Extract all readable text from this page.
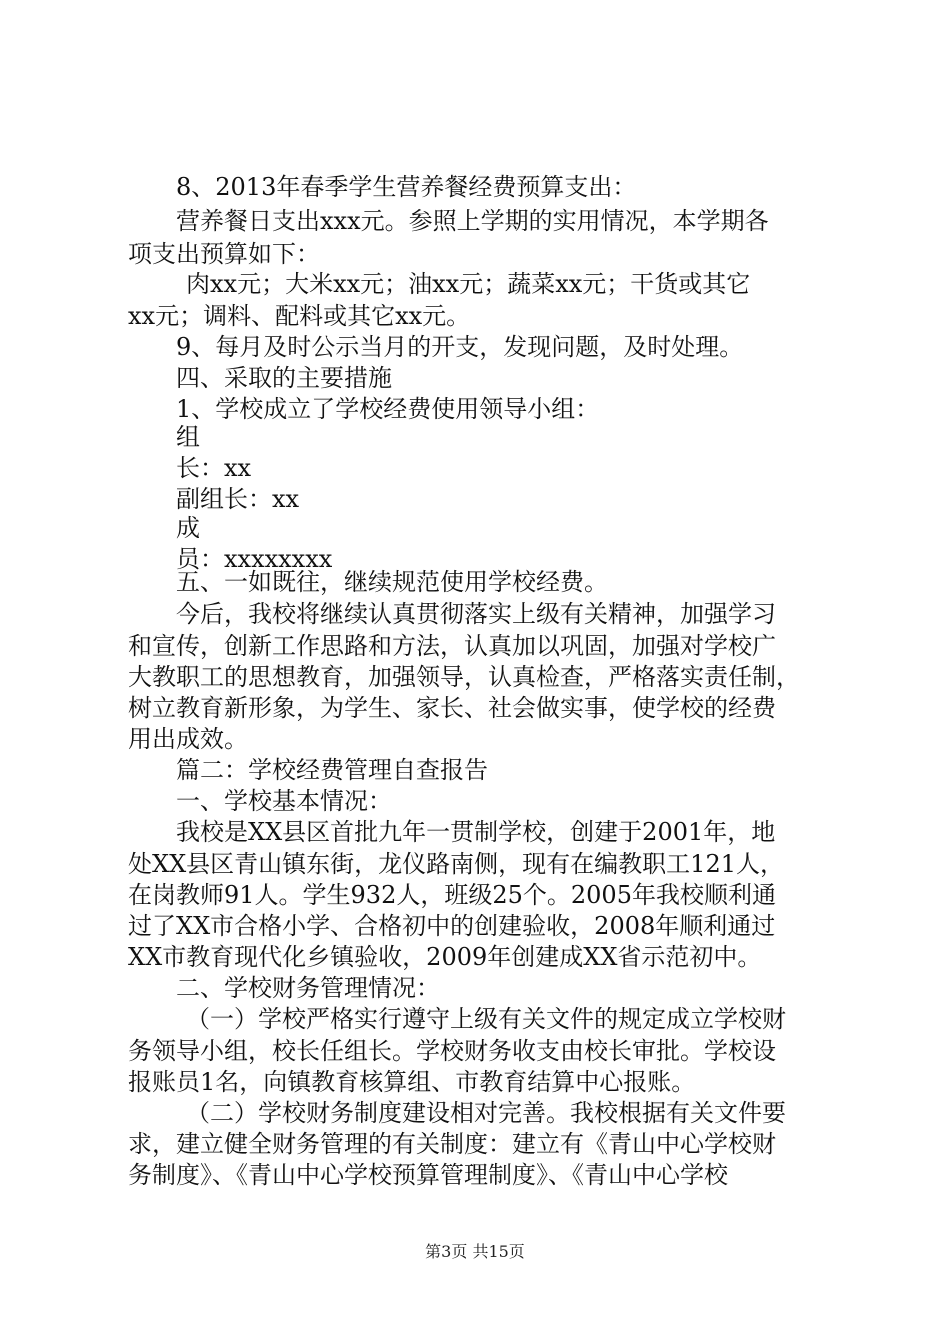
8、2013年春季学生营养餐经费预算支出：
营养餐日支出xxx元。参照上学期的实用情况，本学期各
项支出预算如下：
肉xx元；大米xx元；油xx元；蔬菜xx元；干货或其它
xx元；调料、配料或其它xx元。
9、每月及时公示当月的开支，发现问题，及时处理。
四、采取的主要措施
1、学校成立了学校经费使用领导小组：
组
长：xx
副组长：xx
成
员：xxxxxxxx
五、一如既往，继续规范使用学校经费。
今后，我校将继续认真贯彻落实上级有关精神，加强学习
和宣传，创新工作思路和方法，认真加以巩固，加强对学校广
大教职工的思想教育，加强领导，认真检查，严格落实责任制，
树立教育新形象，为学生、家长、社会做实事，使学校的经费
用出成效。
篇二：学校经费管理自查报告
一、学校基本情况：
我校是XX县区首批九年一贯制学校，创建于2001年，地
处XX县区青山镇东街，龙仪路南侧，现有在编教职工121人，
在岗教师91人。学生932人，班级25个。2005年我校顺利通
过了XX市合格小学、合格初中的创建验收，2008年顺利通过
XX市教育现代化乡镇验收，2009年创建成XX省示范初中。
二、学校财务管理情况：
（一）学校严格实行遵守上级有关文件的规定成立学校财
务领导小组，校长任组长。学校财务收支由校长审批。学校设
报账员1名，向镇教育核算组、市教育结算中心报账。
（二）学校财务制度建设相对完善。我校根据有关文件要
求，建立健全财务管理的有关制度：建立有《青山中心学校财
务制度》、《青山中心学校预算管理制度》、《青山中心学校
第3页 共15页
